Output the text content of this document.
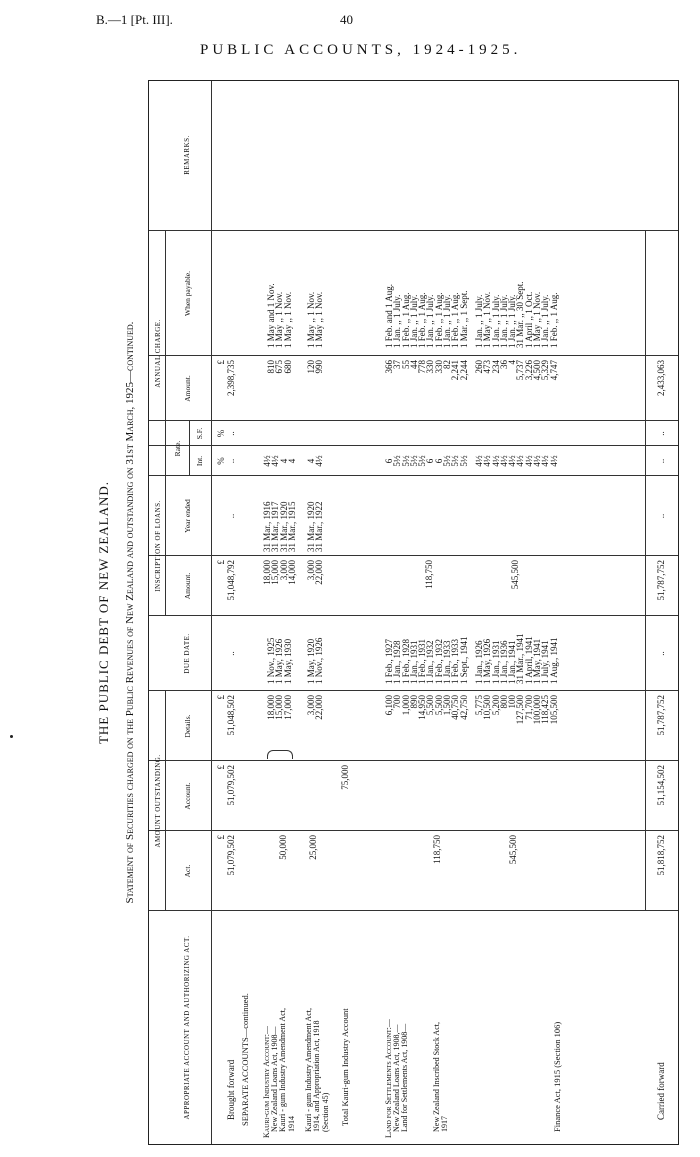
B.—1 [Pt. III].	40
PUBLIC ACCOUNTS, 1924-1925.
THE PUBLIC DEBT OF NEW ZEALAND. Statement of Securities charged on the Public Revenues of New Zealand and outstanding on 31st March, 1925—continued.
APPROPRIATE ACCOUNT AND AUTHORIZING ACT.
AMOUNT OUTSTANDING.
DUE DATE.
INSCRIPTION OF LOANS.
ANNUAL CHARGE.
REMARKS.
Act.
Account.
Details.
Amount.
Year ended
Rate.
Int.
S.F.
Amount.
When payable.
£
£
£
£
%
%
£
Brought forward
51,079,502
51,079,502
51,048,502
..
51,048,792
..
..
..
2,398,735
SEPARATE ACCOUNTS—continued. Kauri-gum Industry Account:— New Zealand Loans Act, 1908—
Kauri - gum Industry Amendment Act,
1914
50,000
18,000
15,000
17,000
1 Nov., 1925
1 May, 1926
1 May, 1930
18,000
15,000
3,000
14,000
31 Mar., 1916
31 Mar., 1917
31 Mar., 1920
31 Mar., 1915
4½
4½
4
4
810
675
680
1 May and 1 Nov.
1 May ,, 1 Nov.
1 May ,, 1 Nov.
Kauri - gum Industry Amendment Act,
1914, and Appropriation Act, 1918
(Section 45)
25,000
3,000
22,000
1 May, 1920
1 Nov., 1926
3,000
22,000
31 Mar., 1920
31 Mar., 1922
4
4½
120
990
1 May ,, 1 Nov.
1 May ,, 1 Nov.
Total Kauri-gum Industry Account
75,000
Land for Settlements Account:— New Zealand Loans Act, 1908,—
Land for Settlements Act, 1908—
New Zealand Inscribed Stock Act,
1917
118,750
6,100
700
1,000
890
14,950
5,500
5,500
1,500
40,750
42,750
1 Feb., 1927
1 Jan., 1928
1 Feb., 1928
1 Jan., 1931
1 Feb., 1931
1 Jan., 1932
1 Feb., 1932
1 Jan., 1933
1 Feb., 1933
1 Sept., 1941
118,750
6
5½
5½
5½
5½
6
6
5½
5½
5½
366
37
55
44
778
330
330
82
2,241
2,244
1 Feb. and 1 Aug.
1 Jan. ,, 1 July.
1 Feb. ,, 1 Aug.
1 Jan. ,, 1 July.
1 Feb. ,, 1 Aug.
1 Jan. ,, 1 July.
1 Feb. ,, 1 Aug.
1 Jan. ,, 1 July.
1 Feb. ,, 1 Aug.
1 Mar. ,, 1 Sept.
Finance Act, 1915 (Section 106)
545,500
5,775
10,500
5,200
800
100
127,500
71,700
100,000
118,425
105,500
1 Jan., 1926
1 May, 1926
1 Jan., 1931
1 Jan., 1936
1 Jan., 1941
31 Mar., 1941
1 April, 1941
1 May, 1941
1 July, 1941
1 Aug., 1941
545,500
4½
4½
4½
4½
4½
4½
4½
4½
4½
4½
260
473
234
36
4
5,737
3,226
4,500
5,329
4,747
1 Jan. ,, 1 July.
1 May ,, 1 Nov.
1 Jan. ,, 1 July.
1 Jan. ,, 1 July.
1 Jan. ,, 1 July.
31 Mar. ,, 30 Sept.
1 April ,, 1 Oct.
1 May ,, 1 Nov.
1 Jan. ,, 1 July.
1 Feb. ,, 1 Aug.
Carried forward
51,818,752
51,154,502
51,787,752
..
51,787,752
..
..
..
2,433,063
